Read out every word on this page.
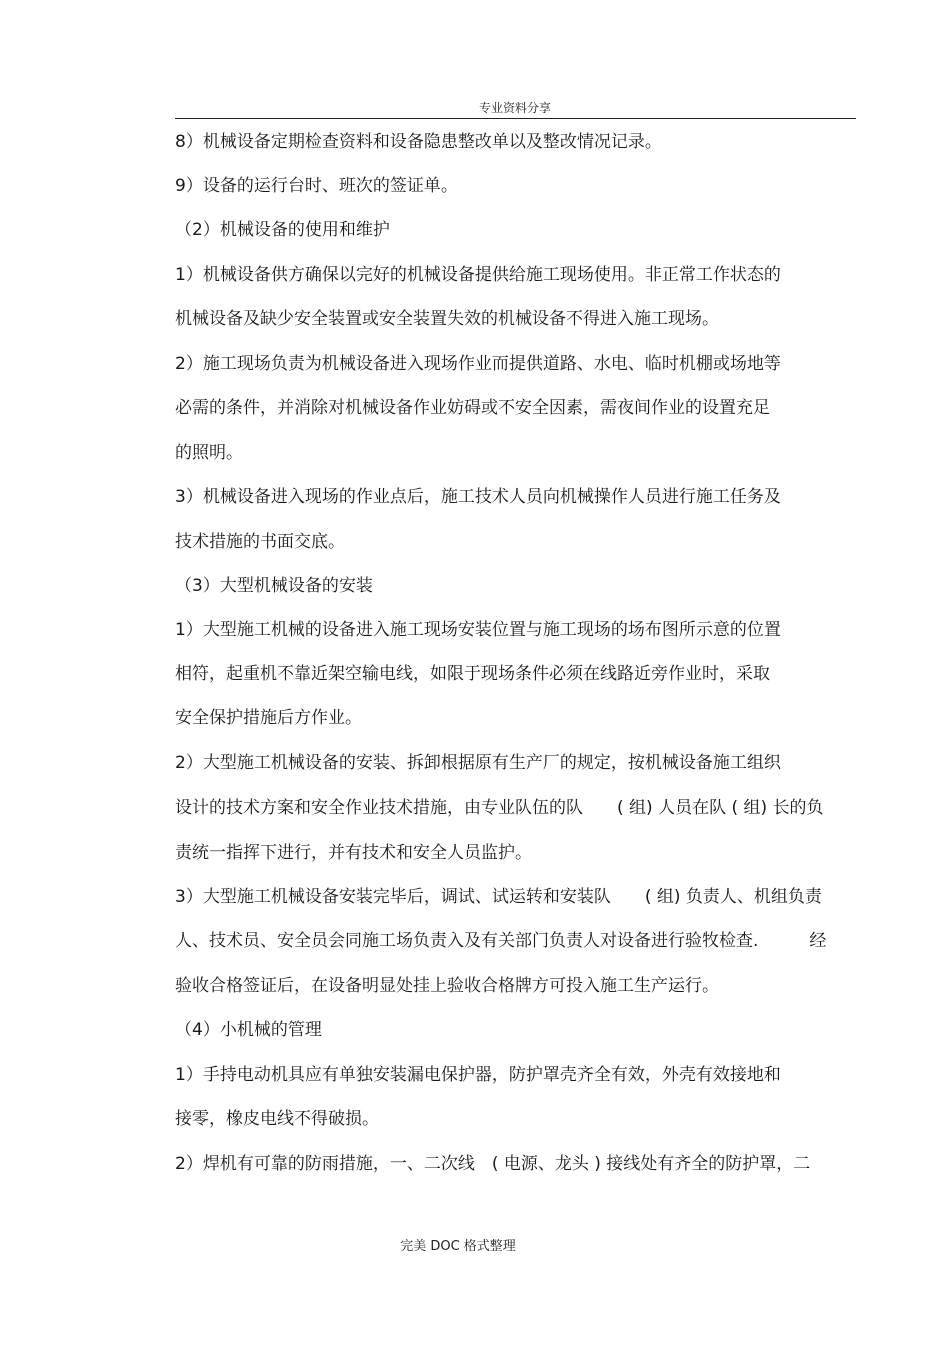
专业资料分享
8）机械设备定期检查资料和设备隐患整改单以及整改情况记录。
9）设备的运行台时、班次的签证单。
（2）机械设备的使用和维护
1）机械设备供方确保以完好的机械设备提供给施工现场使用。非正常工作状态的
机械设备及缺少安全装置或安全装置失效的机械设备不得进入施工现场。
2）施工现场负责为机械设备进入现场作业而提供道路、水电、临时机棚或场地等
必需的条件，并消除对机械设备作业妨碍或不安全因素，需夜间作业的设置充足
的照明。
3）机械设备进入现场的作业点后，施工技术人员向机械操作人员进行施工任务及
技术措施的书面交底。
（3）大型机械设备的安装
1）大型施工机械的设备进入施工现场安装位置与施工现场的场布图所示意的位置
相符，起重机不靠近架空输电线，如限于现场条件必须在线路近旁作业时，采取
安全保护措施后方作业。
2）大型施工机械设备的安装、拆卸根据原有生产厂的规定，按机械设备施工组织
设计的技术方案和安全作业技术措施，由专业队伍的队　　( 组) 人员在队 ( 组) 长的负
责统一指挥下进行，并有技术和安全人员监护。
3）大型施工机械设备安装完毕后，调试、试运转和安装队　　( 组) 负责人、机组负责
人、技术员、安全员会同施工场负责入及有关部门负责人对设备进行验牧检查.　　　经
验收合格签证后，在设备明显处挂上验收合格牌方可投入施工生产运行。
（4）小机械的管理
1）手持电动机具应有单独安装漏电保护器，防护罩壳齐全有效，外壳有效接地和
接零，橡皮电线不得破损。
2）焊机有可靠的防雨措施，一、二次线　( 电源、龙头 ) 接线处有齐全的防护罩，二
完美 DOC 格式整理
